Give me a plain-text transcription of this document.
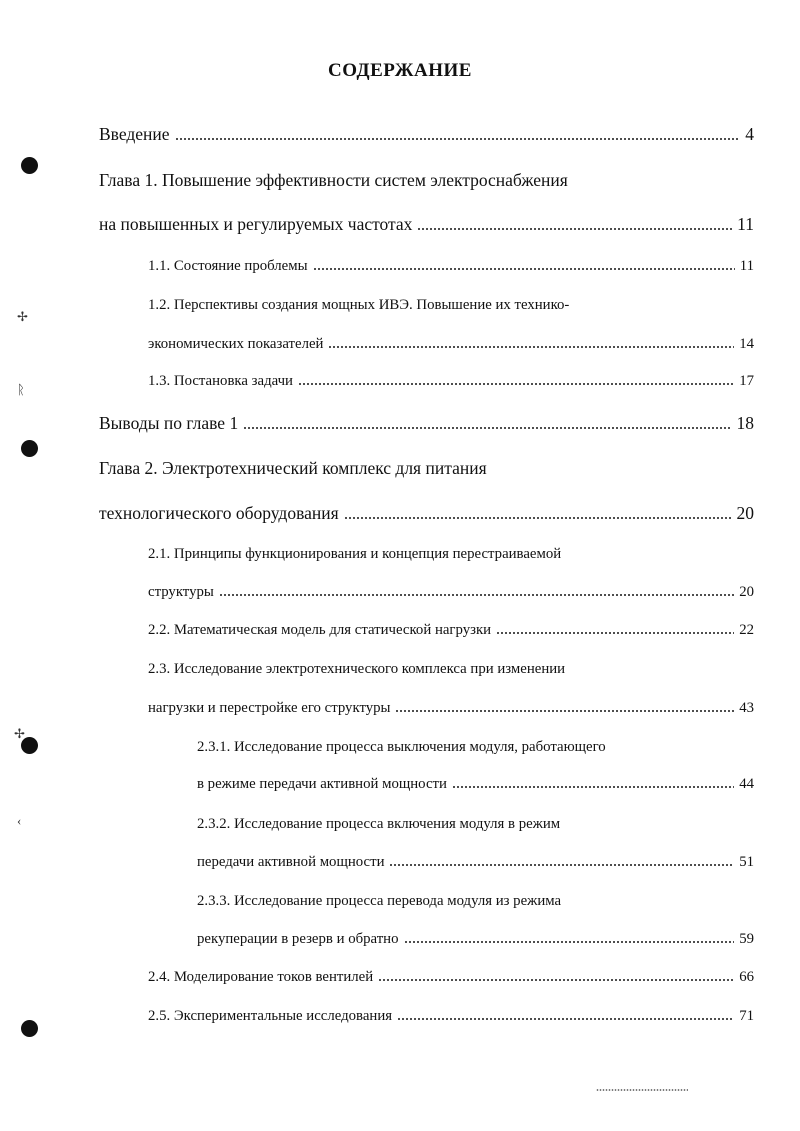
СОДЕРЖАНИЕ
Введение	4
Глава 1. Повышение эффективности систем электроснабжения
на повышенных и регулируемых частотах	11
1.1. Состояние проблемы	11
1.2. Перспективы создания мощных ИВЭ. Повышение их технико-
экономических показателей	14
1.3. Постановка задачи	17
Выводы по главе 1	18
Глава 2. Электротехнический комплекс для питания
технологического оборудования	20
2.1. Принципы функционирования и концепция перестраиваемой
структуры	20
2.2. Математическая модель для статической нагрузки	22
2.3. Исследование электротехнического комплекса при изменении
нагрузки и перестройке его структуры	43
2.3.1. Исследование процесса выключения модуля, работающего
в режиме передачи активной мощности	44
2.3.2. Исследование процесса включения модуля в режим
передачи активной мощности	51
2.3.3. Исследование процесса перевода модуля из режима
рекуперации в резерв и обратно	59
2.4. Моделирование токов вентилей	66
2.5. Экспериментальные исследования	71
✢
ᚱ
✢
‹
